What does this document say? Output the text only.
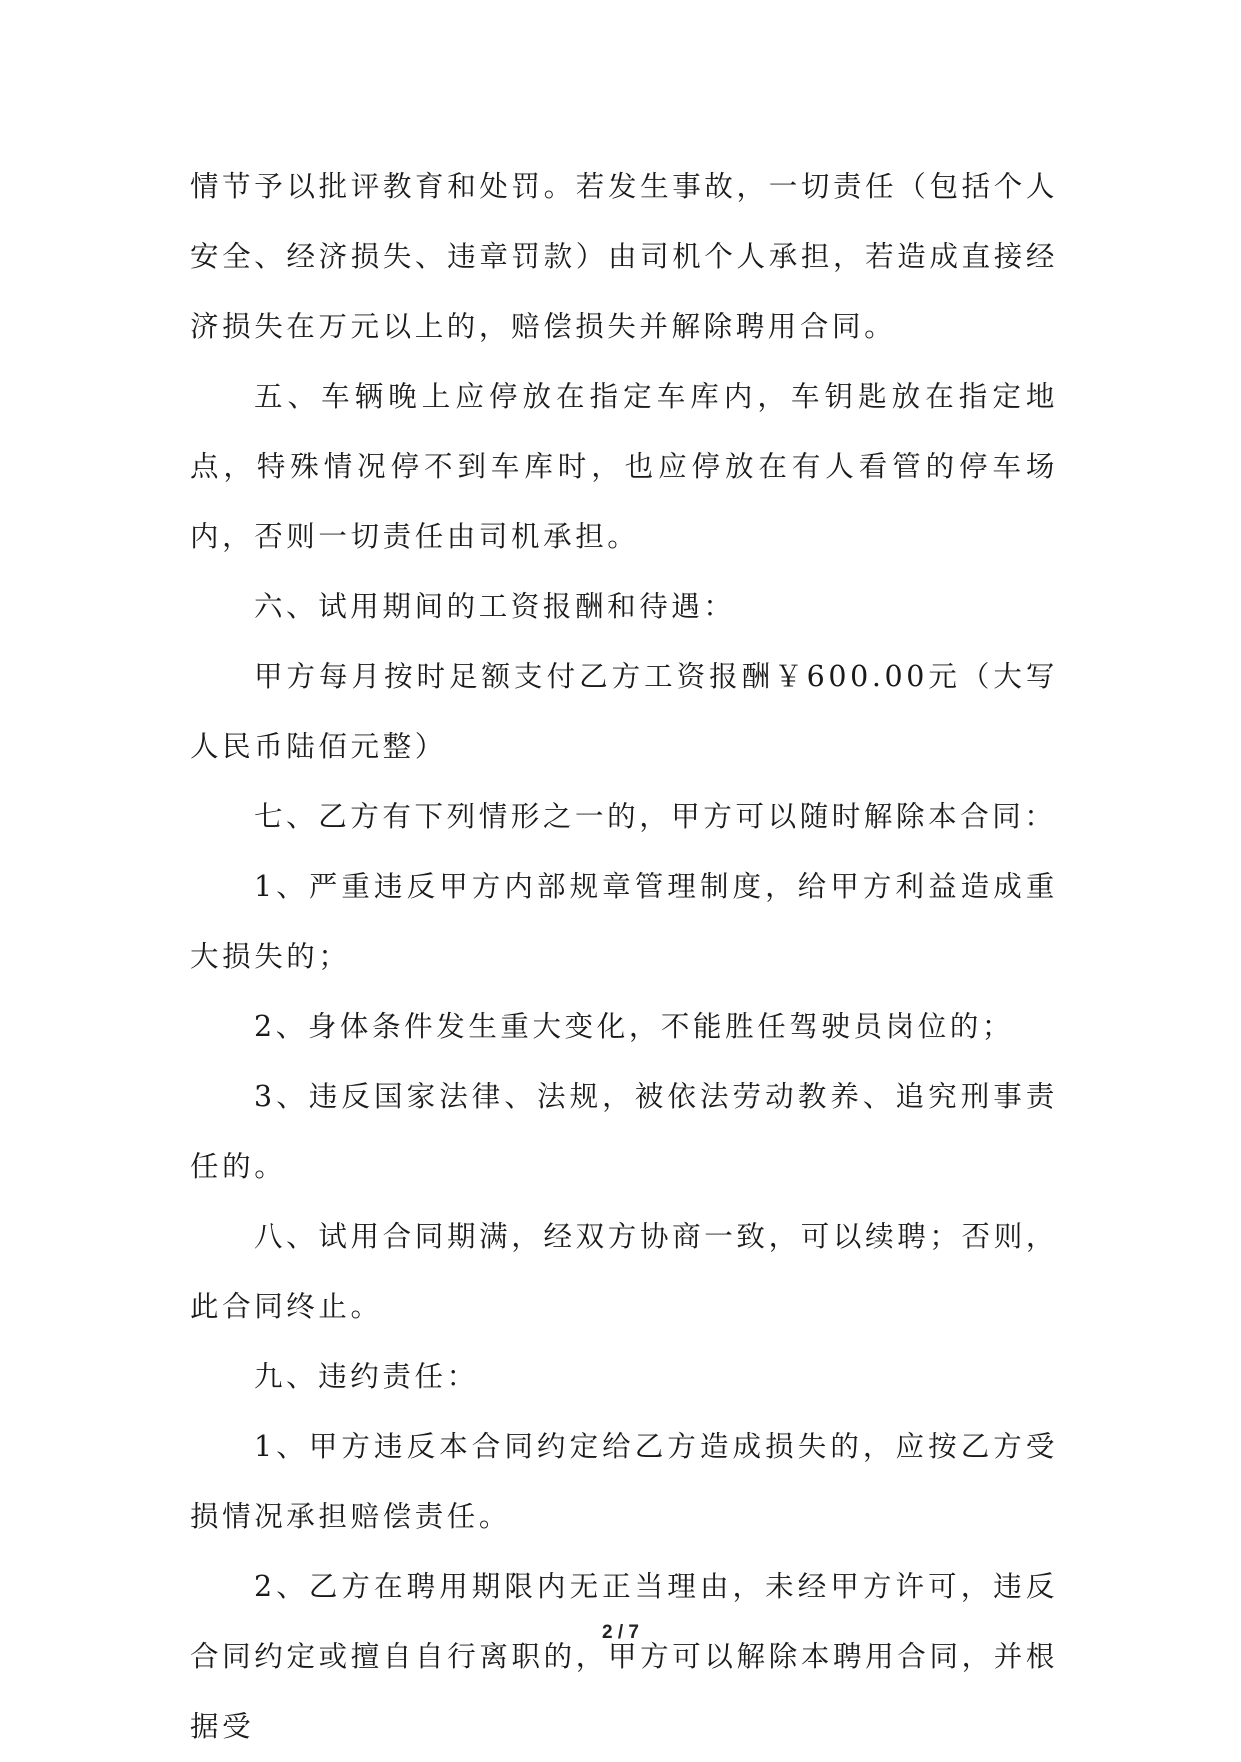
情节予以批评教育和处罚。若发生事故，一切责任（包括个人安全、经济损失、违章罚款）由司机个人承担，若造成直接经济损失在万元以上的，赔偿损失并解除聘用合同。

五、车辆晚上应停放在指定车库内，车钥匙放在指定地点，特殊情况停不到车库时，也应停放在有人看管的停车场内，否则一切责任由司机承担。

六、试用期间的工资报酬和待遇：

甲方每月按时足额支付乙方工资报酬￥600.00元（大写人民币陆佰元整）

七、乙方有下列情形之一的，甲方可以随时解除本合同：

1、严重违反甲方内部规章管理制度，给甲方利益造成重大损失的；

2、身体条件发生重大变化，不能胜任驾驶员岗位的；

3、违反国家法律、法规，被依法劳动教养、追究刑事责任的。

八、试用合同期满，经双方协商一致，可以续聘；否则，此合同终止。

九、违约责任：

1、甲方违反本合同约定给乙方造成损失的，应按乙方受损情况承担赔偿责任。

2、乙方在聘用期限内无正当理由，未经甲方许可，违反合同约定或擅自自行离职的，甲方可以解除本聘用合同，并根据受

2 / 7
